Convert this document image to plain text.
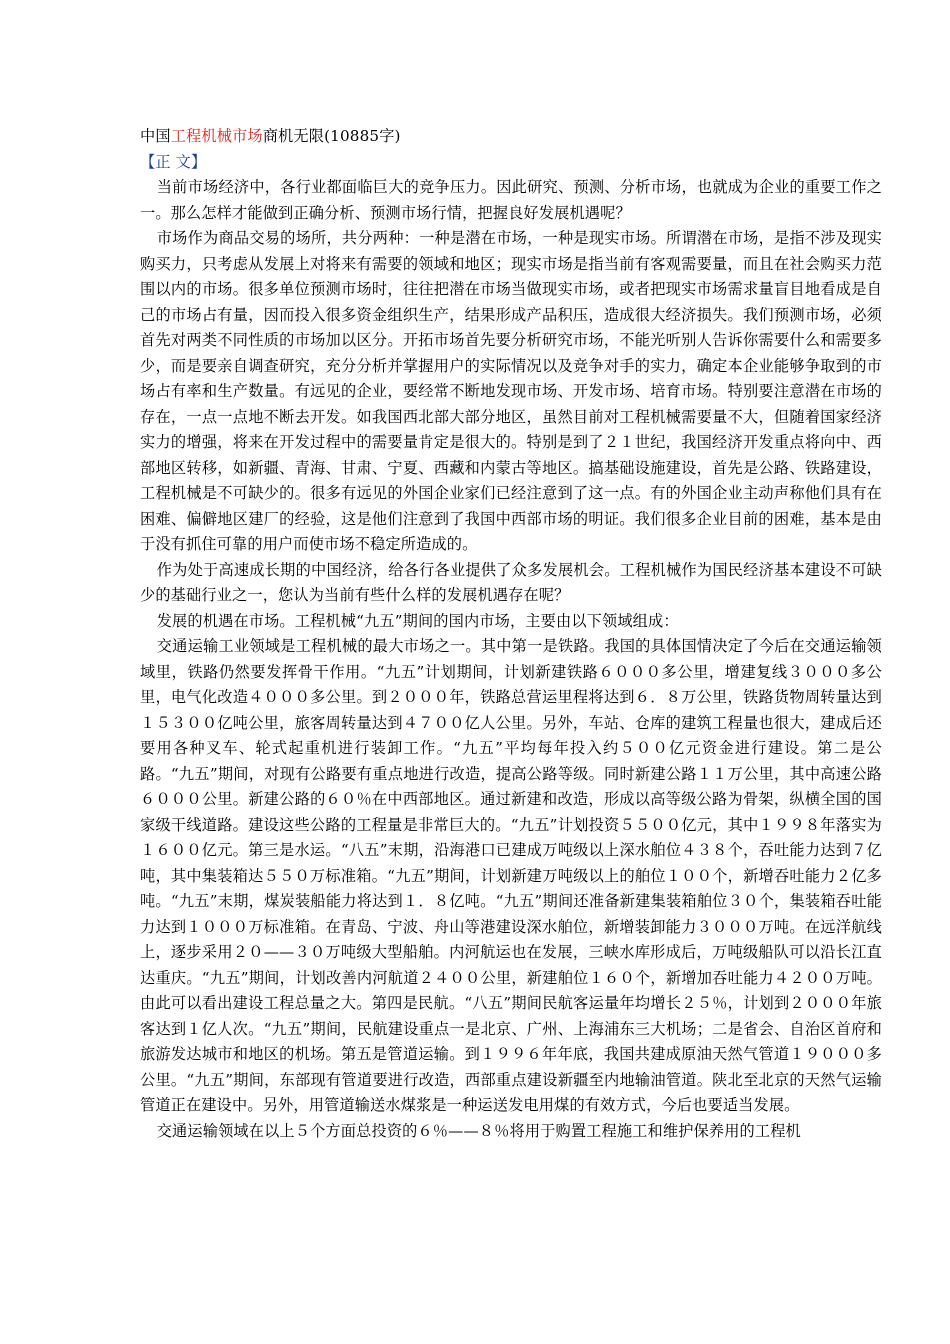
中国工程机械市场商机无限(10885字)

【正 文】

当前市场经济中，各行业都面临巨大的竞争压力。因此研究、预测、分析市场，也就成为企业的重要工作之一。那么怎样才能做到正确分析、预测市场行情，把握良好发展机遇呢？

市场作为商品交易的场所，共分两种：一种是潜在市场，一种是现实市场。所谓潜在市场，是指不涉及现实购买力，只考虑从发展上对将来有需要的领域和地区；现实市场是指当前有客观需要量，而且在社会购买力范围以内的市场。很多单位预测市场时，往往把潜在市场当做现实市场，或者把现实市场需求量盲目地看成是自己的市场占有量，因而投入很多资金组织生产，结果形成产品积压，造成很大经济损失。我们预测市场，必须首先对两类不同性质的市场加以区分。开拓市场首先要分析研究市场，不能光听别人告诉你需要什么和需要多少，而是要亲自调查研究，充分分析并掌握用户的实际情况以及竞争对手的实力，确定本企业能够争取到的市场占有率和生产数量。有远见的企业，要经常不断地发现市场、开发市场、培育市场。特别要注意潜在市场的存在，一点一点地不断去开发。如我国西北部大部分地区，虽然目前对工程机械需要量不大，但随着国家经济实力的增强，将来在开发过程中的需要量肯定是很大的。特别是到了２１世纪，我国经济开发重点将向中、西部地区转移，如新疆、青海、甘肃、宁夏、西藏和内蒙古等地区。搞基础设施建设，首先是公路、铁路建设，工程机械是不可缺少的。很多有远见的外国企业家们已经注意到了这一点。有的外国企业主动声称他们具有在困难、偏僻地区建厂的经验，这是他们注意到了我国中西部市场的明证。我们很多企业目前的困难，基本是由于没有抓住可靠的用户而使市场不稳定所造成的。

作为处于高速成长期的中国经济，给各行各业提供了众多发展机会。工程机械作为国民经济基本建设不可缺少的基础行业之一，您认为当前有些什么样的发展机遇存在呢？

发展的机遇在市场。工程机械“九五”期间的国内市场，主要由以下领域组成：

交通运输工业领域是工程机械的最大市场之一。其中第一是铁路。我国的具体国情决定了今后在交通运输领域里，铁路仍然要发挥骨干作用。“九五”计划期间，计划新建铁路６０００多公里，增建复线３０００多公里，电气化改造４０００多公里。到２０００年，铁路总营运里程将达到６．８万公里，铁路货物周转量达到１５３００亿吨公里，旅客周转量达到４７００亿人公里。另外，车站、仓库的建筑工程量也很大，建成后还要用各种叉车、轮式起重机进行装卸工作。“九五”平均每年投入约５００亿元资金进行建设。第二是公路。“九五”期间，对现有公路要有重点地进行改造，提高公路等级。同时新建公路１１万公里，其中高速公路６０００公里。新建公路的６０％在中西部地区。通过新建和改造，形成以高等级公路为骨架，纵横全国的国家级干线道路。建设这些公路的工程量是非常巨大的。“九五”计划投资５５００亿元，其中１９９８年落实为１６００亿元。第三是水运。“八五”末期，沿海港口已建成万吨级以上深水舶位４３８个，吞吐能力达到７亿吨，其中集装箱达５５０万标准箱。“九五”期间，计划新建万吨级以上的舶位１００个，新增吞吐能力２亿多吨。“九五”末期，煤炭装船能力将达到１．８亿吨。“九五”期间还准备新建集装箱舶位３０个，集装箱吞吐能力达到１０００万标准箱。在青岛、宁波、舟山等港建设深水舶位，新增装卸能力３０００万吨。在远洋航线上，逐步采用２０——３０万吨级大型船舶。内河航运也在发展，三峡水库形成后，万吨级船队可以沿长江直达重庆。“九五”期间，计划改善内河航道２４００公里，新建舶位１６０个，新增加吞吐能力４２００万吨。由此可以看出建设工程总量之大。第四是民航。“八五”期间民航客运量年均增长２５％，计划到２０００年旅客达到１亿人次。“九五”期间，民航建设重点一是北京、广州、上海浦东三大机场；二是省会、自治区首府和旅游发达城市和地区的机场。第五是管道运输。到１９９６年年底，我国共建成原油天然气管道１９０００多公里。“九五”期间，东部现有管道要进行改造，西部重点建设新疆至内地输油管道。陕北至北京的天然气运输管道正在建设中。另外，用管道输送水煤浆是一种运送发电用煤的有效方式，今后也要适当发展。

交通运输领域在以上５个方面总投资的６％——８％将用于购置工程施工和维护保养用的工程机
